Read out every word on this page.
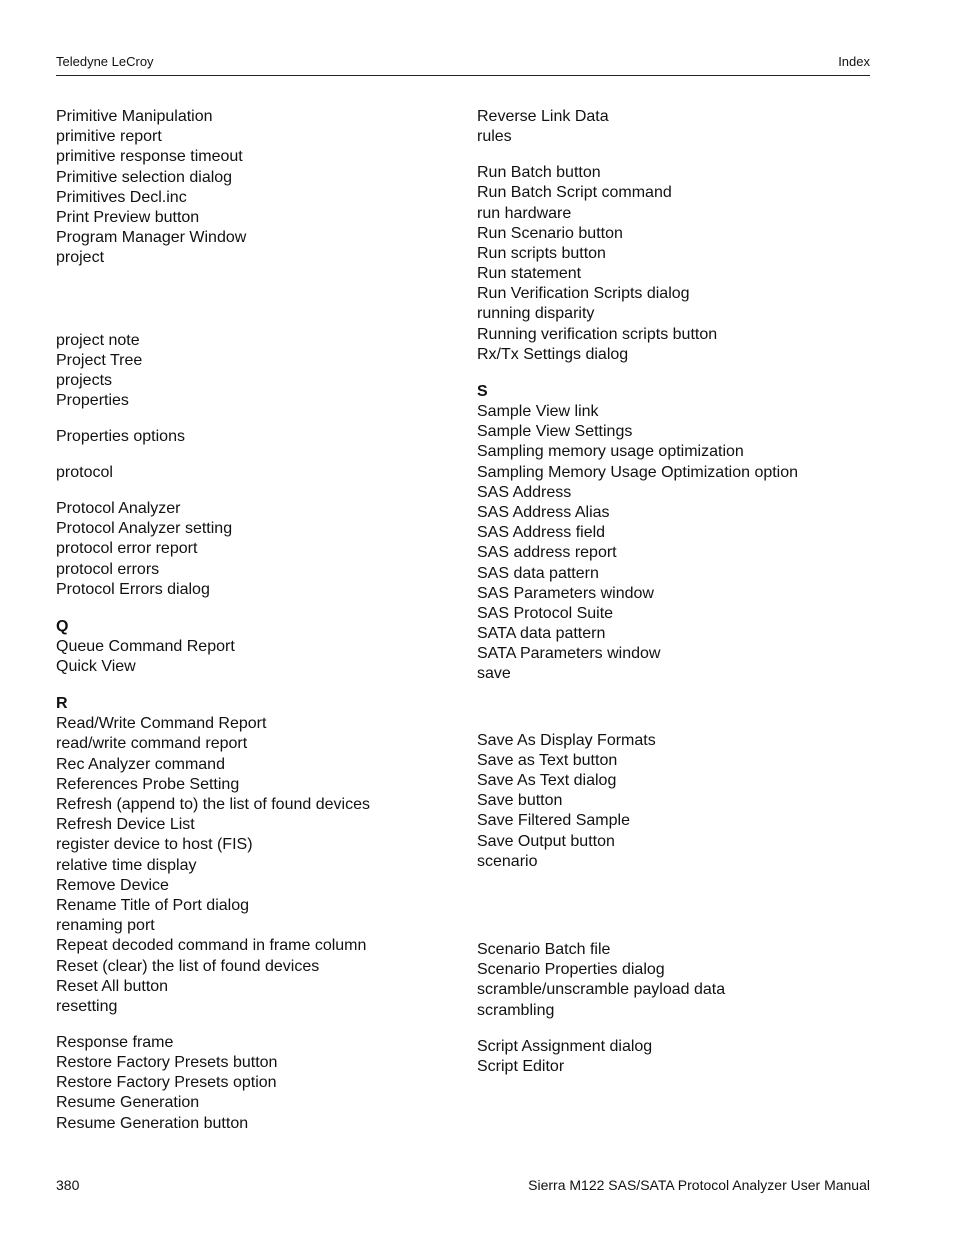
Teledyne LeCroy	Index
Primitive Manipulation
primitive report
primitive response timeout
Primitive selection dialog
Primitives Decl.inc
Print Preview button
Program Manager Window
project
project note
Project Tree
projects
Properties
Properties options
protocol
Protocol Analyzer
Protocol Analyzer setting
protocol error report
protocol errors
Protocol Errors dialog
Q
Queue Command Report
Quick View
R
Read/Write Command Report
read/write command report
Rec Analyzer command
References Probe Setting
Refresh (append to) the list of found devices
Refresh Device List
register device to host (FIS)
relative time display
Remove Device
Rename Title of Port dialog
renaming port
Repeat decoded command in frame column
Reset (clear) the list of found devices
Reset All button
resetting
Response frame
Restore Factory Presets button
Restore Factory Presets option
Resume Generation
Resume Generation button
Reverse Link Data
rules
Run Batch button
Run Batch Script command
run hardware
Run Scenario button
Run scripts button
Run statement
Run Verification Scripts dialog
running disparity
Running verification scripts button
Rx/Tx Settings dialog
S
Sample View link
Sample View Settings
Sampling memory usage optimization
Sampling Memory Usage Optimization option
SAS Address
SAS Address Alias
SAS Address field
SAS address report
SAS data pattern
SAS Parameters window
SAS Protocol Suite
SATA data pattern
SATA Parameters window
save
Save As Display Formats
Save as Text button
Save As Text dialog
Save button
Save Filtered Sample
Save Output button
scenario
Scenario Batch file
Scenario Properties dialog
scramble/unscramble payload data
scrambling
Script Assignment dialog
Script Editor
380	Sierra M122 SAS/SATA Protocol Analyzer User Manual
